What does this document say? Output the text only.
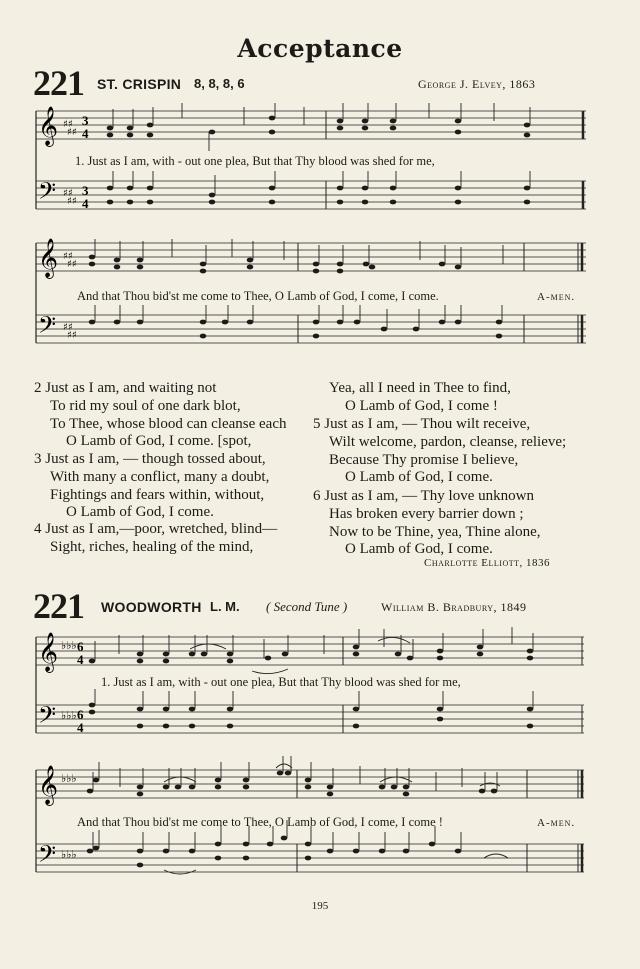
Acceptance
221 ST. CRISPIN 8, 8, 8, 6	George J. Elvey, 1863
𝄞
𝄢
♯♯
♯♯
♯♯
♯♯
3
4
3
4
1. Just as I am, with - out one plea, But that Thy blood was shed for me,
𝄞
𝄢
♯♯
♯♯
♯♯
♯♯
And that Thou bid'st me come to Thee, O Lamb of God, I come, I come.	A-men.
2 Just as I am, and waiting not
To rid my soul of one dark blot,
To Thee, whose blood can cleanse each
O Lamb of God, I come. [spot,
3 Just as I am, — though tossed about,
With many a conflict, many a doubt,
Fightings and fears within, without,
O Lamb of God, I come.
4 Just as I am,—poor, wretched, blind—
Sight, riches, healing of the mind,
Yea, all I need in Thee to find,
O Lamb of God, I come !
5 Just as I am, — Thou wilt receive,
Wilt welcome, pardon, cleanse, relieve;
Because Thy promise I believe,
O Lamb of God, I come.
6 Just as I am, — Thy love unknown
Has broken every barrier down ;
Now to be Thine, yea, Thine alone,
O Lamb of God, I come.
Charlotte Elliott, 1836
221 WOODWORTH L. M. ( Second Tune )	William B. Bradbury, 1849
𝄞
𝄢
♭♭♭
♭♭♭
6
4
6
4
1. Just as I am, with - out one plea, But that Thy blood was shed for me,
𝄞
𝄢
♭♭♭
♭♭♭
And that Thou bid'st me come to Thee, O Lamb of God, I come, I come !	A-men.
195
